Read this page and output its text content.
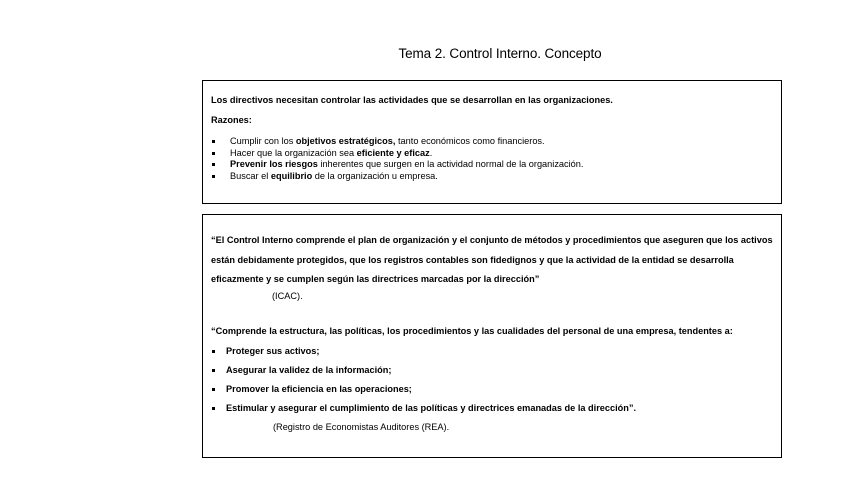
Tema 2. Control Interno. Concepto

Los directivos necesitan controlar las actividades que se desarrollan en las organizaciones.

Razones:

Cumplir con los objetivos estratégicos, tanto económicos como financieros.
Hacer que la organización sea eficiente y eficaz.
Prevenir los riesgos inherentes que surgen en la actividad normal de la organización.
Buscar el equilibrio de la organización u empresa.

“El Control Interno comprende el plan de organización y el conjunto de métodos y procedimientos que aseguren que los activos están debidamente protegidos, que los registros contables son fidedignos y que la actividad de la entidad se desarrolla eficazmente y se cumplen según las directrices marcadas por la dirección”

(ICAC).

“Comprende la estructura, las políticas, los procedimientos y las cualidades del personal de una empresa, tendentes a:

Proteger sus activos;
Asegurar la validez de la información;
Promover la eficiencia en las operaciones;
Estimular y asegurar el cumplimiento de las políticas y directrices emanadas de la dirección”.

(Registro de Economistas Auditores (REA).
